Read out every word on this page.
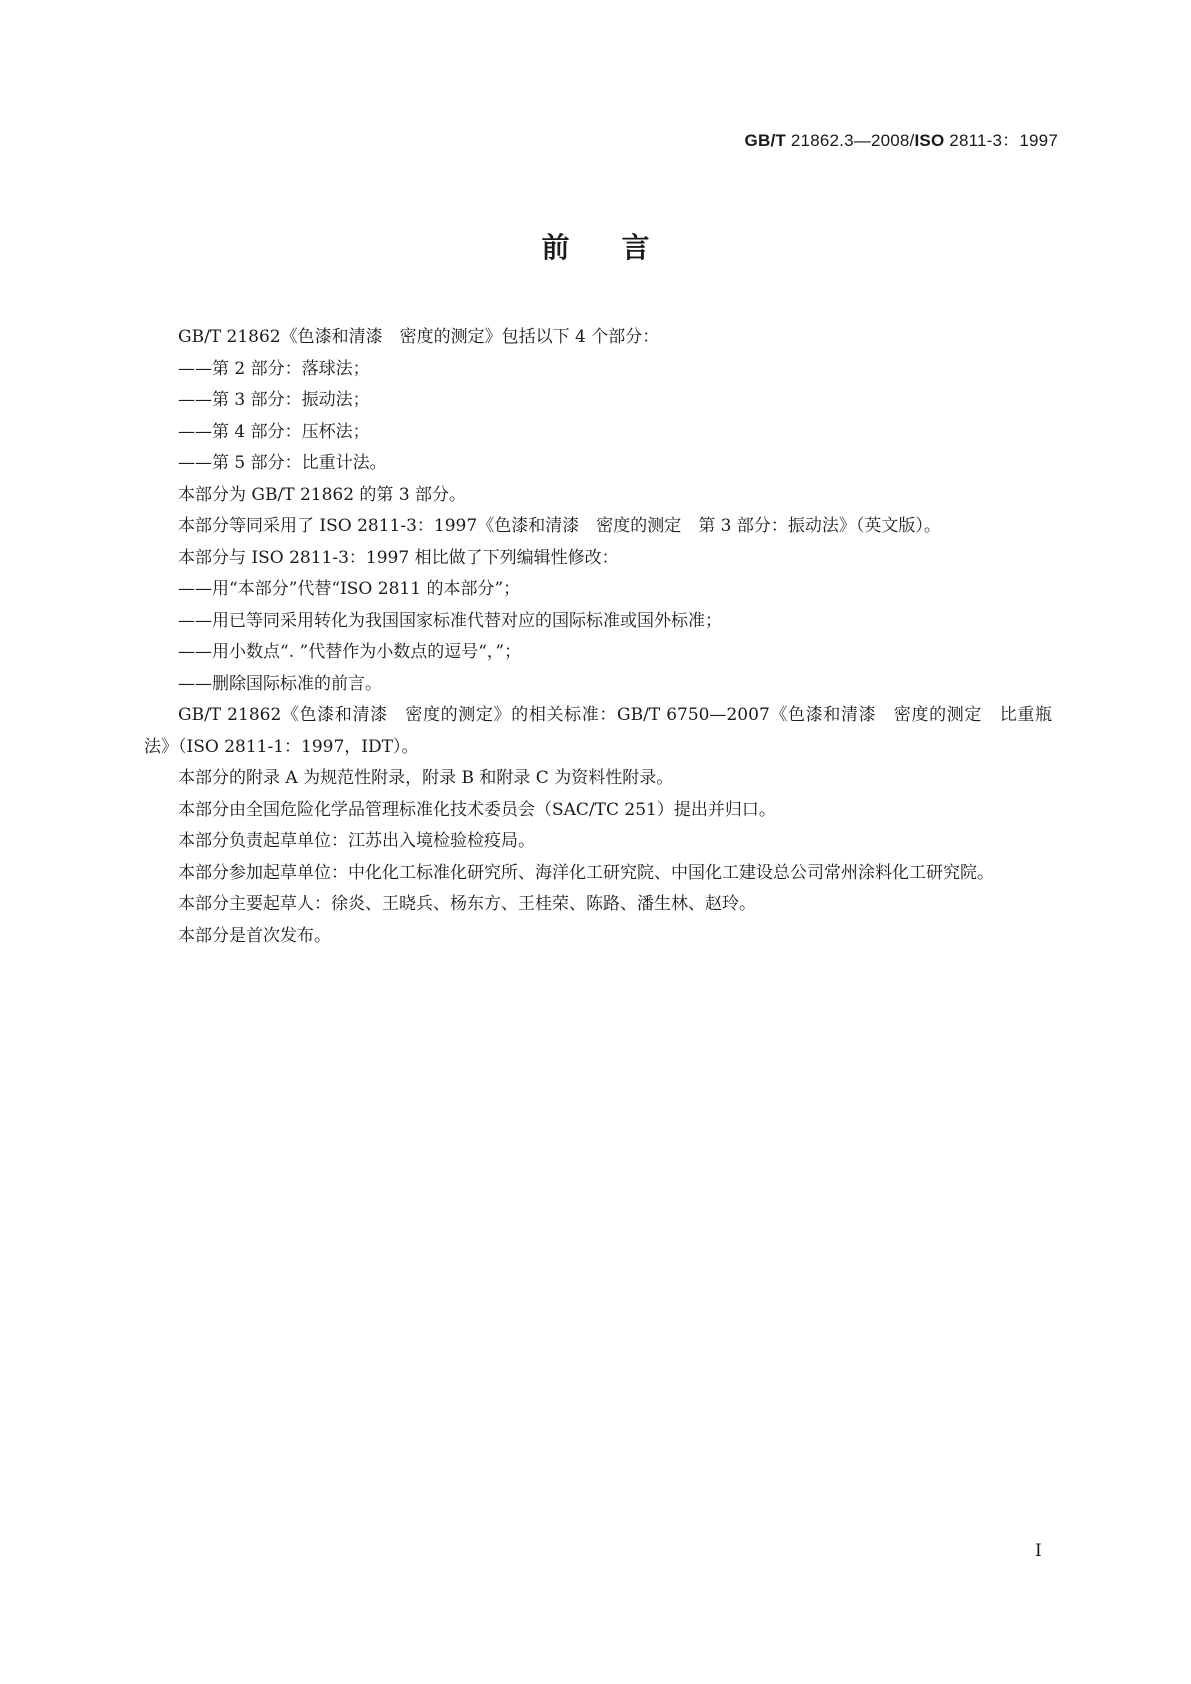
GB/T 21862.3—2008/ISO 2811-3：1997
前言

GB/T 21862《色漆和清漆　密度的测定》包括以下 4 个部分：

——第 2 部分：落球法；

——第 3 部分：振动法；

——第 4 部分：压杯法；

——第 5 部分：比重计法。

本部分为 GB/T 21862 的第 3 部分。

本部分等同采用了 ISO 2811-3：1997《色漆和清漆　密度的测定　第 3 部分：振动法》（英文版）。

本部分与 ISO 2811-3：1997 相比做了下列编辑性修改：

——用“本部分”代替“ISO 2811 的本部分”；

——用已等同采用转化为我国国家标准代替对应的国际标准或国外标准；

——用小数点“. ”代替作为小数点的逗号“，”；

——删除国际标准的前言。

GB/T 21862《色漆和清漆　密度的测定》的相关标准：GB/T 6750—2007《色漆和清漆　密度的测定　比重瓶法》（ISO 2811-1：1997，IDT）。

本部分的附录 A 为规范性附录，附录 B 和附录 C 为资料性附录。

本部分由全国危险化学品管理标准化技术委员会（SAC/TC 251）提出并归口。

本部分负责起草单位：江苏出入境检验检疫局。

本部分参加起草单位：中化化工标准化研究所、海洋化工研究院、中国化工建设总公司常州涂料化工研究院。

本部分主要起草人：徐炎、王晓兵、杨东方、王桂荣、陈路、潘生林、赵玲。

本部分是首次发布。

I
